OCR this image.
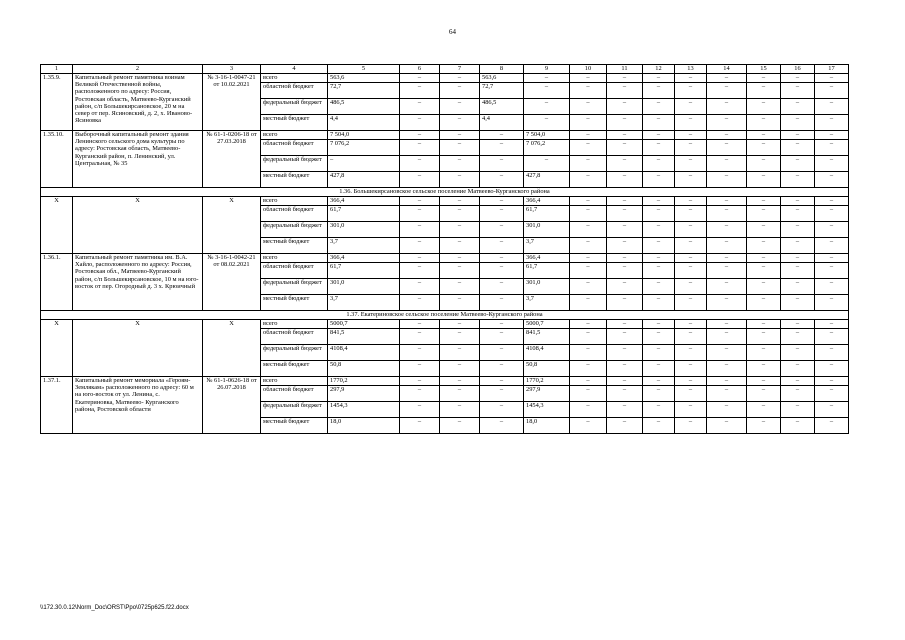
64
1	2	3	4	5	6	7	8	9	10	11	12	13	14	15	16	17
1.35.9.	Капитальный ремонт памятника воинам Великой Отечественной войны, расположенного по адресу: Россия, Ростовская область, Матвеево-Курганский район, с/п Большекирсановское, 20 м на север от пер. Ясиновский, д. 2, х. Иваново-Ясиновка	№ 3-16-1-0047-21 от 10.02.2021	всего	563,6	–	–	563,6	–	–	–	–	–	–	–	–	–
			областной бюджет	72,7	–	–	72,7	–	–	–	–	–	–	–	–	–
			федеральный бюджет	486,5	–	–	486,5	–	–	–	–	–	–	–	–	–
			местный бюджет	4,4	–	–	4,4	–	–	–	–	–	–	–	–	–
1.35.10.	Выборочный капитальный ремонт здания Ленинского сельского дома культуры по адресу: Ростовская область, Матвеево-Курганский район, п. Ленинский, ул. Центральная, № 35	№ 61-1-0206-18 от 27.03.2018	всего	7 504,0	–	–	–	7 504,0	–	–	–	–	–	–	–	–
			областной бюджет	7 076,2	–	–	–	7 076,2	–	–	–	–	–	–	–	–
			федеральный бюджет	–	–	–	–	–	–	–	–	–	–	–	–	–
			местный бюджет	427,8	–	–	–	427,8	–	–	–	–	–	–	–	–
1.36. Большекирсановское сельское поселение Матвеево-Курганского района																
X	X	X	всего	366,4	–	–	–	366,4	–	–	–	–	–	–	–	–
			областной бюджет	61,7	–	–	–	61,7	–	–	–	–	–	–	–	–
			федеральный бюджет	301,0	–	–	–	301,0	–	–	–	–	–	–	–	–
			местный бюджет	3,7	–	–	–	3,7	–	–	–	–	–	–	–	–
1.36.1.	Капитальный ремонт памятника им. В.А. Хайло, расположенного по адресу: Россия, Ростовская обл., Матвеево-Курганский район, с/п Большекирсановское, 10 м на юго-восток от пер. Огородный д. 3 х. Крюичный	№ 3-16-1-0042-21 от 08.02.2021	всего	366,4	–	–	–	366,4	–	–	–	–	–	–	–	–
			областной бюджет	61,7	–	–	–	61,7	–	–	–	–	–	–	–	–
			федеральный бюджет	301,0	–	–	–	301,0	–	–	–	–	–	–	–	–
			местный бюджет	3,7	–	–	–	3,7	–	–	–	–	–	–	–	–
1.37. Екатериновское сельское поселение Матвеево-Курганского района																
X	X	X	всего	5000,7	–	–	–	5000,7	–	–	–	–	–	–	–	–
			областной бюджет	841,5	–	–	–	841,5	–	–	–	–	–	–	–	–
			федеральный бюджет	4108,4	–	–	–	4108,4	–	–	–	–	–	–	–	–
			местный бюджет	50,8	–	–	–	50,8	–	–	–	–	–	–	–	–
1.37.1.	Капитальный ремонт мемориала «Героям-Землякам» расположенного по адресу: 60 м на юго-восток от ул. Ленина, с. Екатериновка, Матвеево- Курганского района, Ростовской области	№ 61-1-0626-18 от 26.07.2018	всего	1770,2	–	–	–	1770,2	–	–	–	–	–	–	–	–
			областной бюджет	297,9	–	–	–	297,9	–	–	–	–	–	–	–	–
			федеральный бюджет	1454,3	–	–	–	1454,3	–	–	–	–	–	–	–	–
			местный бюджет	18,0	–	–	–	18,0	–	–	–	–	–	–	–	–
\\172.30.0.12\Norm_Doc\ORST\Ppo\0725p625.f22.docx
